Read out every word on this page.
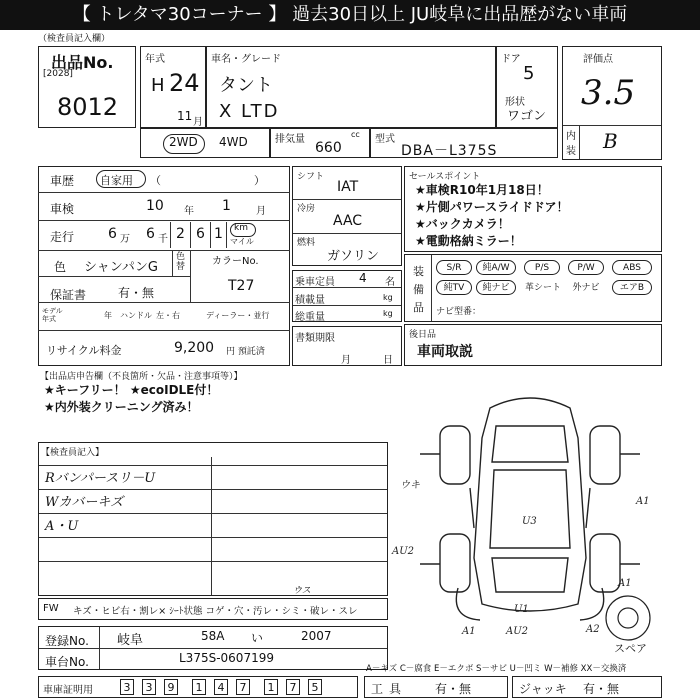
【 トレタマ30コーナー 】 過去30日以上 JU岐阜に出品歴がない車両
（検査員記入欄）
出品No.
[2028]
8012
年式
H 24
11 月
車名・グレード
タント
X LTD
ドア
5
形状
ワゴン
評価点
3.5
内
装 B
2WD 4WD	排気量	cc
660
型式
DBA－L375S
車歴 自家用 （	）
車検	10 年 1	月
走行 6 万 6 千 2 6 1 km
マイル
色 シャンパンG
色替	カラーNo.
T27
保証書	有・無
モデル
年式	年 ハンドル 左・右	ディーラー・並行
リサイクル料金	9,200 円 預託済
シフト
IAT
冷房
AAC
燃料
ガソリン
乗車定員 4 名
積載量	kg
総重量	kg
書類期限
月	日
セールスポイント
★車検R10年1月18日！
★片側パワースライドドア！
★バックカメラ！
★電動格納ミラー！
装備品
S/R	純A/W	P/S	P/W	ABS
純TV	純ナビ	革シート	外ナビ	エアB
ナビ型番：
後日品
車両取説
【出品店申告欄（不良箇所・欠品・注意事項等）】
★キーフリー！ ★ecoIDLE付！
★内外装クリーニング済み！
【検査員記入】
Rバンパースリ－U
Wカバーキズ
A・U
ウキ
A1
U3
AU2
A1
U1
A1	AU2	A2
スペア
FW キズ・ヒビ右・割レ× ｼｰﾄ状態 コゲ・穴・汚レ・シミ・破レ・スレ
ウス
登録No. 岐阜	58A い	2007
車台No.	L375S-0607199
A－キズ C－腐食 E－エクボ S－サビ U－凹ミ W－補修 XX－交換済
車庫証明用	3	3	9	1	4	7	1	7	5	工具 有・無	ジャッキ 有・無
